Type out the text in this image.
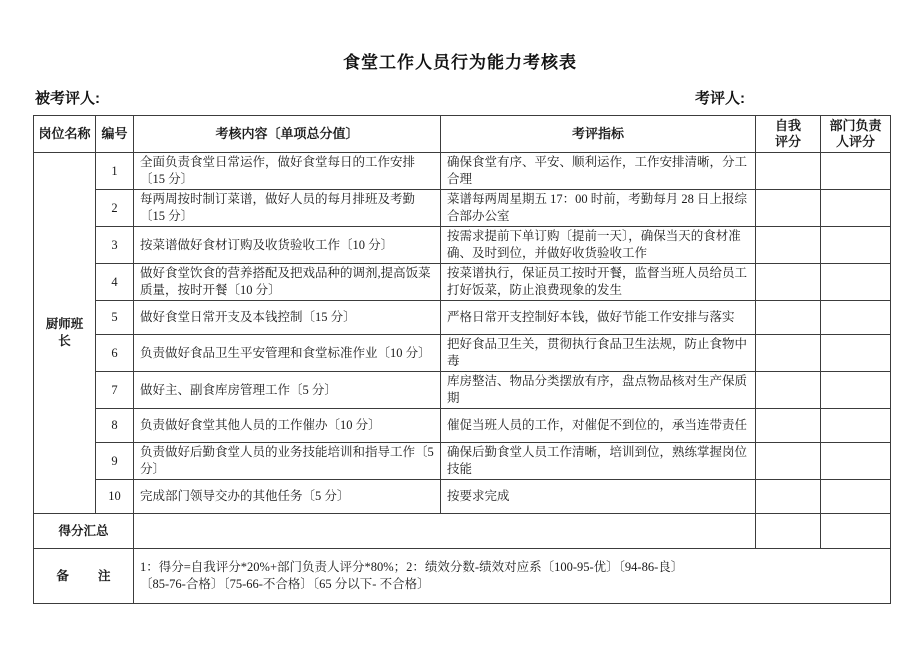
食堂工作人员行为能力考核表
被考评人:	考评人:
岗位名称	编号	考核内容〔单项总分值〕	考评指标	自我评分	部门负责人评分

厨师班长	1	全面负责食堂日常运作，做好食堂每日的工作安排〔15 分〕	确保食堂有序、平安、顺利运作，工作安排清晰，分工合理		
	2	每两周按时制订菜谱，做好人员的每月排班及考勤〔15 分〕	菜谱每两周星期五 17：00 时前，考勤每月 28 日上报综合部办公室		
	3	按菜谱做好食材订购及收货验收工作〔10 分〕	按需求提前下单订购〔提前一天〕，确保当天的食材准确、及时到位，并做好收货验收工作		
	4	做好食堂饮食的营养搭配及把戏品种的调剂,提高饭菜质量，按时开餐〔10 分〕	按菜谱执行，保证员工按时开餐，监督当班人员给员工打好饭菜，防止浪费现象的发生		
	5	做好食堂日常开支及本钱控制〔15 分〕	严格日常开支控制好本钱，做好节能工作安排与落实		
	6	负责做好食品卫生平安管理和食堂标准作业〔10 分〕	把好食品卫生关，贯彻执行食品卫生法规，防止食物中毒		
	7	做好主、副食库房管理工作〔5 分〕	库房整洁、物品分类摆放有序，盘点物品核对生产保质期		
	8	负责做好食堂其他人员的工作催办〔10 分〕	催促当班人员的工作，对催促不到位的，承当连带责任		
	9	负责做好后勤食堂人员的业务技能培训和指导工作〔5 分〕	确保后勤食堂人员工作清晰，培训到位，熟练掌握岗位技能		
	10	完成部门领导交办的其他任务〔5 分〕	按要求完成		
得分汇总					
备 注		1：得分=自我评分*20%+部门负责人评分*80%；2：绩效分数-绩效对应系〔100-95-优〕〔94-86-良〕
〔85-76-合格〕〔75-66-不合格〕〔65 分以下- 不合格〕			
